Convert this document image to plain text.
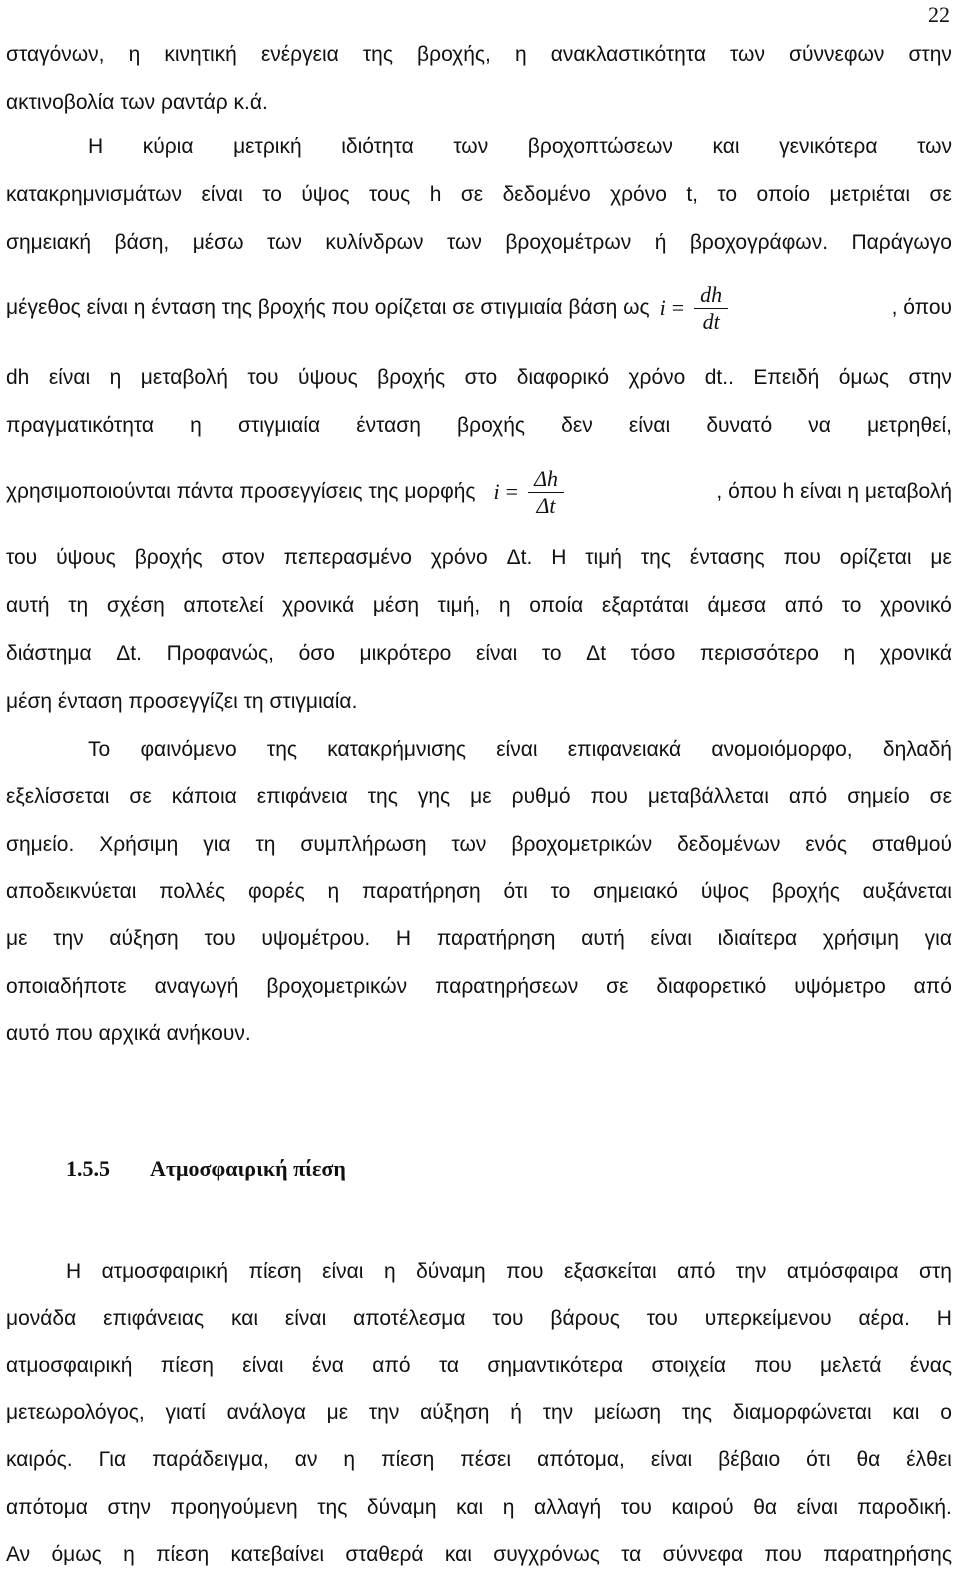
22
σταγόνων, η κινητική ενέργεια της βροχής, η ανακλαστικότητα των σύννεφων στην
ακτινοβολία των ραντάρ κ.ά.
Η κύρια μετρική ιδιότητα των βροχοπτώσεων και γενικότερα των
κατακρημνισμάτων είναι το ύψος τους h σε δεδομένο χρόνο t, το οποίο μετριέται σε
σημειακή βάση, μέσω των κυλίνδρων των βροχομέτρων ή βροχογράφων. Παράγωγο
μέγεθος είναι η ένταση της βροχής που ορίζεται σε στιγμιαία βάση ως $i = \frac{dh}{dt}$	, όπου
dh είναι η μεταβολή του ύψους βροχής στο διαφορικό χρόνο dt.. Επειδή όμως στην
πραγματικότητα η στιγμιαία ένταση βροχής δεν είναι δυνατό να μετρηθεί,
χρησιμοποιούνται πάντα προσεγγίσεις της μορφής $i = \frac{\Delta h}{\Delta t}$	, όπου h είναι η μεταβολή
του ύψους βροχής στον πεπερασμένο χρόνο Δt. Η τιμή της έντασης που ορίζεται με
αυτή τη σχέση αποτελεί χρονικά μέση τιμή, η οποία εξαρτάται άμεσα από το χρονικό
διάστημα Δt. Προφανώς, όσο μικρότερο είναι το Δt τόσο περισσότερο η χρονικά
μέση ένταση προσεγγίζει τη στιγμιαία.
Το φαινόμενο της κατακρήμνισης είναι επιφανειακά ανομοιόμορφο, δηλαδή
εξελίσσεται σε κάποια επιφάνεια της γης με ρυθμό που μεταβάλλεται από σημείο σε
σημείο. Χρήσιμη για τη συμπλήρωση των βροχομετρικών δεδομένων ενός σταθμού
αποδεικνύεται πολλές φορές η παρατήρηση ότι το σημειακό ύψος βροχής αυξάνεται
με την αύξηση του υψομέτρου. Η παρατήρηση αυτή είναι ιδιαίτερα χρήσιμη για
οποιαδήποτε αναγωγή βροχομετρικών παρατηρήσεων σε διαφορετικό υψόμετρο από
αυτό που αρχικά ανήκουν.
1.5.5 Ατμοσφαιρική πίεση
Η ατμοσφαιρική πίεση είναι η δύναμη που εξασκείται από την ατμόσφαιρα στη
μονάδα επιφάνειας και είναι αποτέλεσμα του βάρους του υπερκείμενου αέρα. Η
ατμοσφαιρική πίεση είναι ένα από τα σημαντικότερα στοιχεία που μελετά ένας
μετεωρολόγος, γιατί ανάλογα με την αύξηση ή την μείωση της διαμορφώνεται και ο
καιρός. Για παράδειγμα, αν η πίεση πέσει απότομα, είναι βέβαιο ότι θα έλθει
απότομα στην προηγούμενη της δύναμη και η αλλαγή του καιρού θα είναι παροδική.
Αν όμως η πίεση κατεβαίνει σταθερά και συγχρόνως τα σύννεφα που παρατηρήσης
